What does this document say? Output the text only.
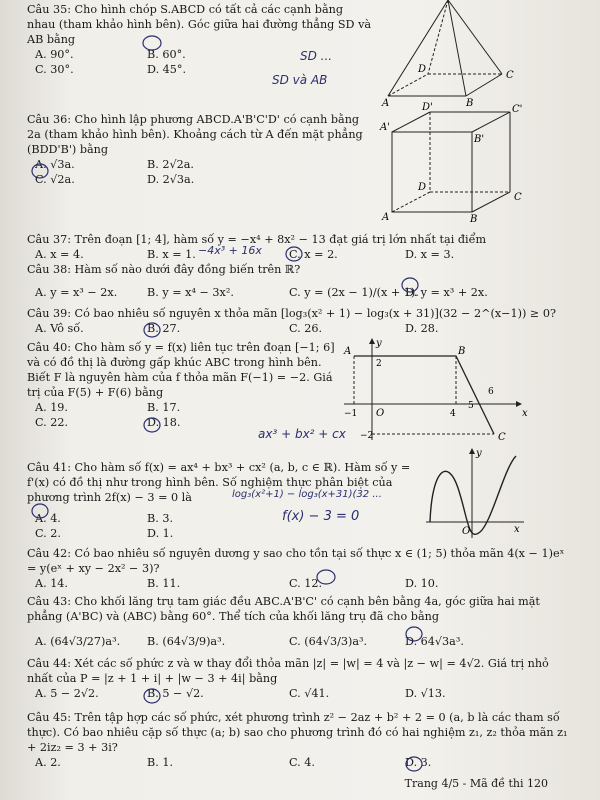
Câu 35: Cho hình chóp S.ABCD có tất cả các cạnh bằng nhau (tham khảo hình bên). Góc giữa hai đường thẳng SD và AB bằng

A. 90°.	B. 60°.
C. 30°.	D. 45°.
SD ...
SD và AB
A	B
C
D

Câu 36: Cho hình lập phương ABCD.A'B'C'D' có cạnh bằng 2a (tham khảo hình bên). Khoảng cách từ A đến mặt phẳng (BDD'B') bằng

A. √3a.	B. 2√2a.
C. √2a.	D. 2√3a.
A	B
C
D
A'
B'
C'
D'

Câu 37: Trên đoạn [1; 4], hàm số y = −x⁴ + 8x² − 13 đạt giá trị lớn nhất tại điểm

A. x = 4.	B. x = 1.	C. x = 2.	D. x = 3.
−4x³ + 16x

Câu 38: Hàm số nào dưới đây đồng biến trên ℝ?

A. y = x³ − 2x.	B. y = x⁴ − 3x².	C. y = (2x − 1)/(x + 1).
D. y = x³ + 2x.

Câu 39: Có bao nhiêu số nguyên x thỏa mãn [log₃(x² + 1) − log₃(x + 31)](32 − 2^(x−1)) ≥ 0?

A. Vô số.	B. 27.	C. 26.	D. 28.

Câu 40: Cho hàm số y = f(x) liên tục trên đoạn [−1; 6] và có đồ thị là đường gấp khúc ABC trong hình bên. Biết F là nguyên hàm của f thỏa mãn F(−1) = −2. Giá trị của F(5) + F(6) bằng

A. 19.	B. 17.
C. 22.	D. 18.
ax³ + bx² + cx
y
x
A	B
C
O
2
−1	4
5
6
−2

Câu 41: Cho hàm số f(x) = ax⁴ + bx³ + cx² (a, b, c ∈ ℝ). Hàm số y = f'(x) có đồ thị như trong hình bên. Số nghiệm thực phân biệt của phương trình 2f(x) − 3 = 0 là

A. 4.	B. 3.
C. 2.	D. 1.
log₃(x²+1) − log₃(x+31)(32 ...
f(x) − 3 = 0
y
x
O

Câu 42: Có bao nhiêu số nguyên dương y sao cho tồn tại số thực x ∈ (1; 5) thỏa mãn 4(x − 1)eˣ = y(eˣ + xy − 2x² − 3)?

A. 14.	B. 11.	C. 12.	D. 10.

Câu 43: Cho khối lăng trụ tam giác đều ABC.A'B'C' có cạnh bên bằng 4a, góc giữa hai mặt phẳng (A'BC) và (ABC) bằng 60°. Thể tích của khối lăng trụ đã cho bằng

A. (64√3/27)a³. B. (64√3/9)a³.	C. (64√3/3)a³.	D. 64√3a³.

Câu 44: Xét các số phức z và w thay đổi thỏa mãn |z| = |w| = 4 và |z − w| = 4√2. Giá trị nhỏ nhất của P = |z + 1 + i| + |w − 3 + 4i| bằng

A. 5 − 2√2.	B. 5 − √2.	C. √41.	D. √13.

Câu 45: Trên tập hợp các số phức, xét phương trình z² − 2az + b² + 2 = 0 (a, b là các tham số thực). Có bao nhiêu cặp số thực (a; b) sao cho phương trình đó có hai nghiệm z₁, z₂ thỏa mãn z₁ + 2iz₂ = 3 + 3i?

A. 2.	B. 1.	C. 4.	D. 3.
Trang 4/5 - Mã đề thi 120
